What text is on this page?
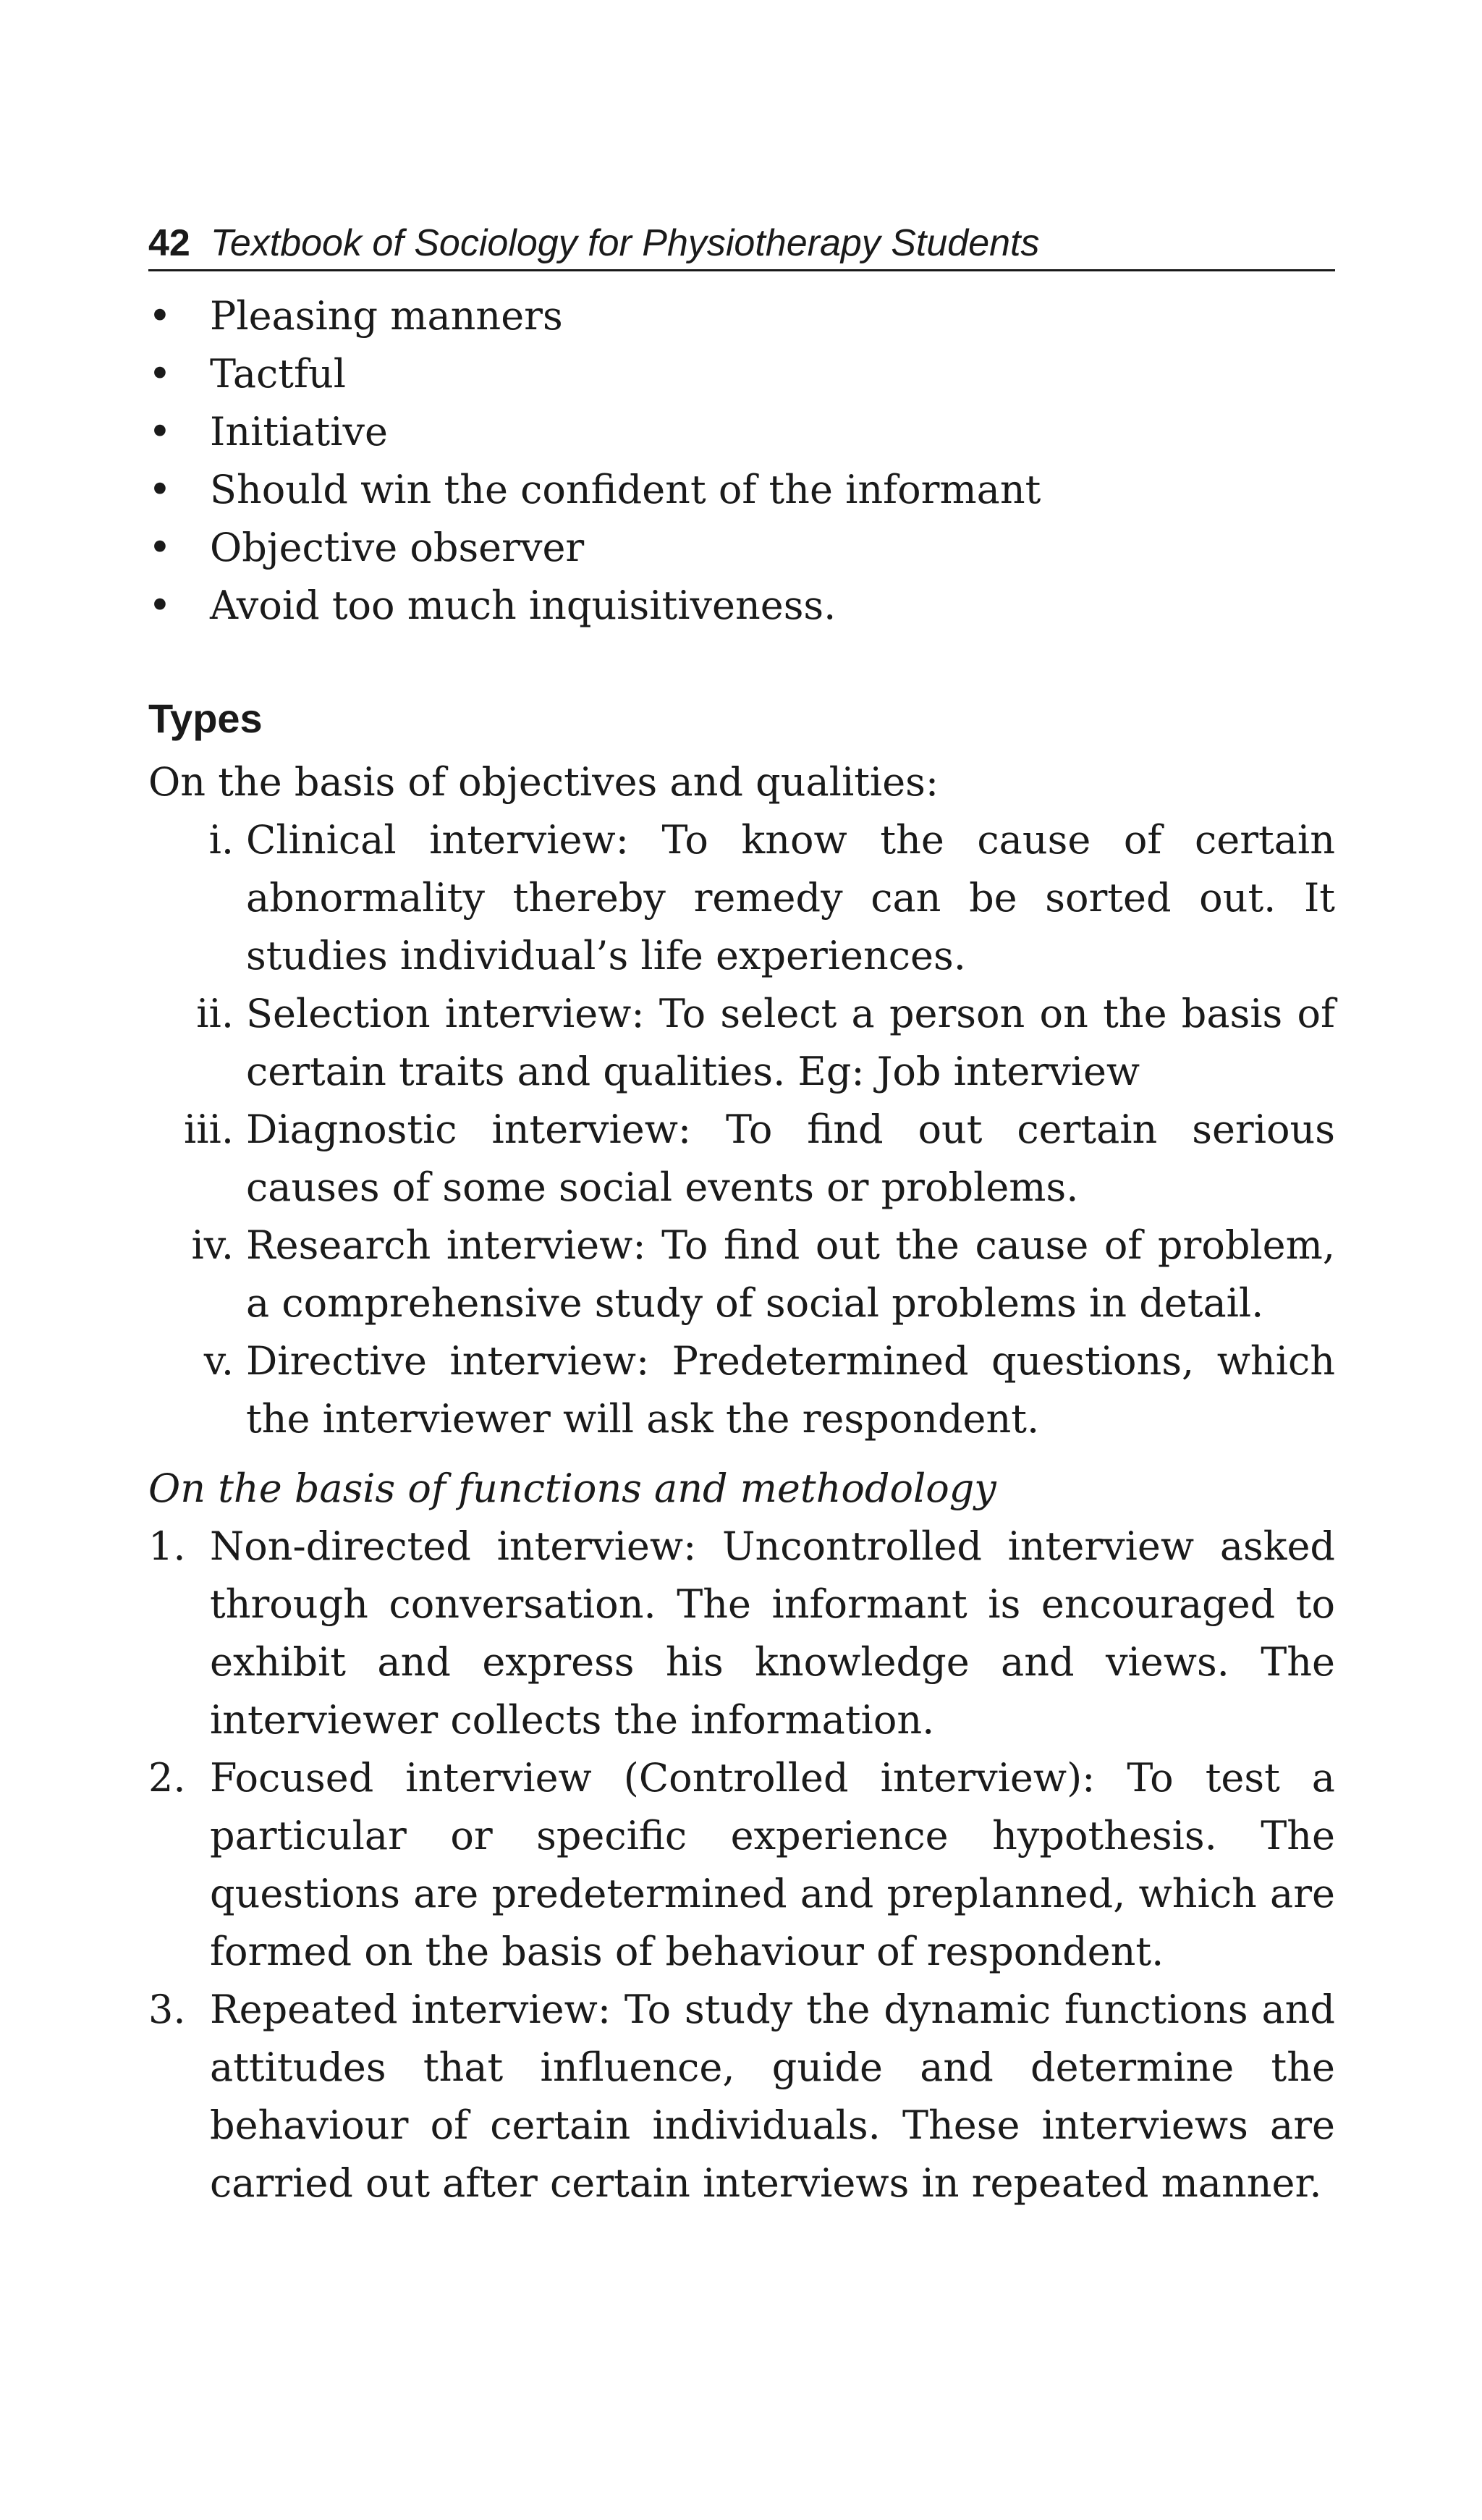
42 Textbook of Sociology for Physiotherapy Students
• Pleasing manners
• Tactful
• Initiative
• Should win the confident of the informant
• Objective observer
• Avoid too much inquisitiveness.
Types
On the basis of objectives and qualities:
i. Clinical interview: To know the cause of certain abnormality thereby remedy can be sorted out. It studies individual’s life experiences.
ii. Selection interview: To select a person on the basis of certain traits and qualities. Eg: Job interview
iii. Diagnostic interview: To find out certain serious causes of some social events or problems.
iv. Research interview: To find out the cause of problem, a comprehensive study of social problems in detail.
v. Directive interview: Predetermined questions, which the interviewer will ask the respondent.
On the basis of functions and methodology
1. Non-directed interview: Uncontrolled interview asked through conversation. The informant is encouraged to exhibit and express his knowledge and views. The interviewer collects the information.
2. Focused interview (Controlled interview): To test a particular or specific experience hypothesis. The questions are predetermined and preplanned, which are formed on the basis of behaviour of respondent.
3. Repeated interview: To study the dynamic functions and attitudes that influence, guide and determine the behaviour of certain individuals. These interviews are carried out after certain interviews in repeated manner.
